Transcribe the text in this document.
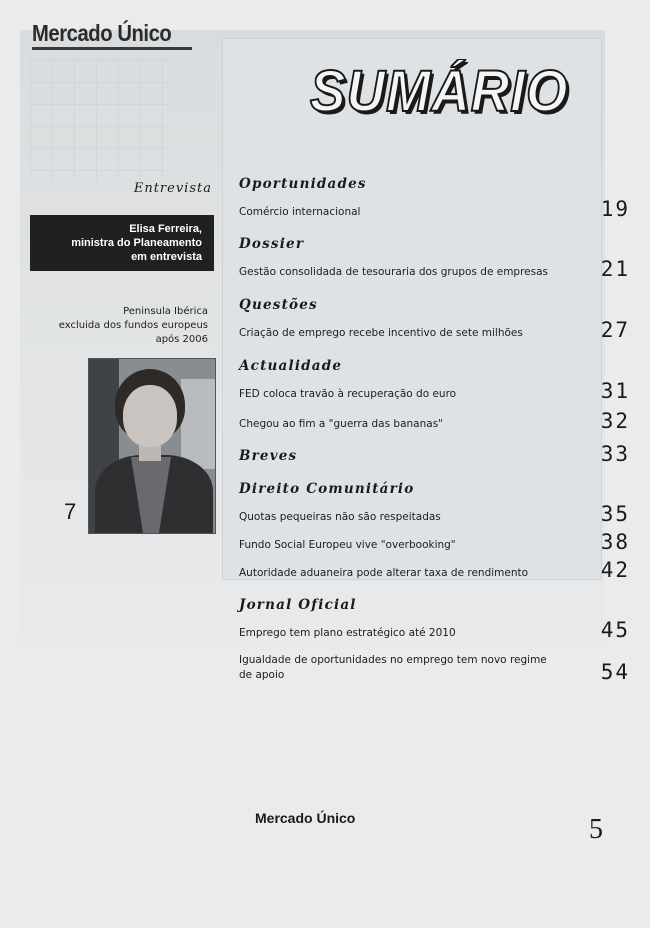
Mercado Único
SUMÁRIO
Entrevista
Elisa Ferreira,
ministra do Planeamento
em entrevista
Peninsula Ibérica
excluida dos fundos europeus
após 2006
7
Oportunidades
Comércio internacional	19
Dossier
Gestão consolidada de tesouraria dos grupos de empresas	21
Questões
Criação de emprego recebe incentivo de sete milhões	27
Actualidade
FED coloca travão à recuperação do euro	31
Chegou ao fim a "guerra das bananas"	32
Breves	33
Direito Comunitário
Quotas pequeiras não são respeitadas	35
Fundo Social Europeu vive "overbooking"	38
Autoridade aduaneira pode alterar taxa de rendimento	42
Jornal Oficial
Emprego tem plano estratégico até 2010	45
Igualdade de oportunidades no emprego tem novo regime de apoio	54
Mercado Único	5
